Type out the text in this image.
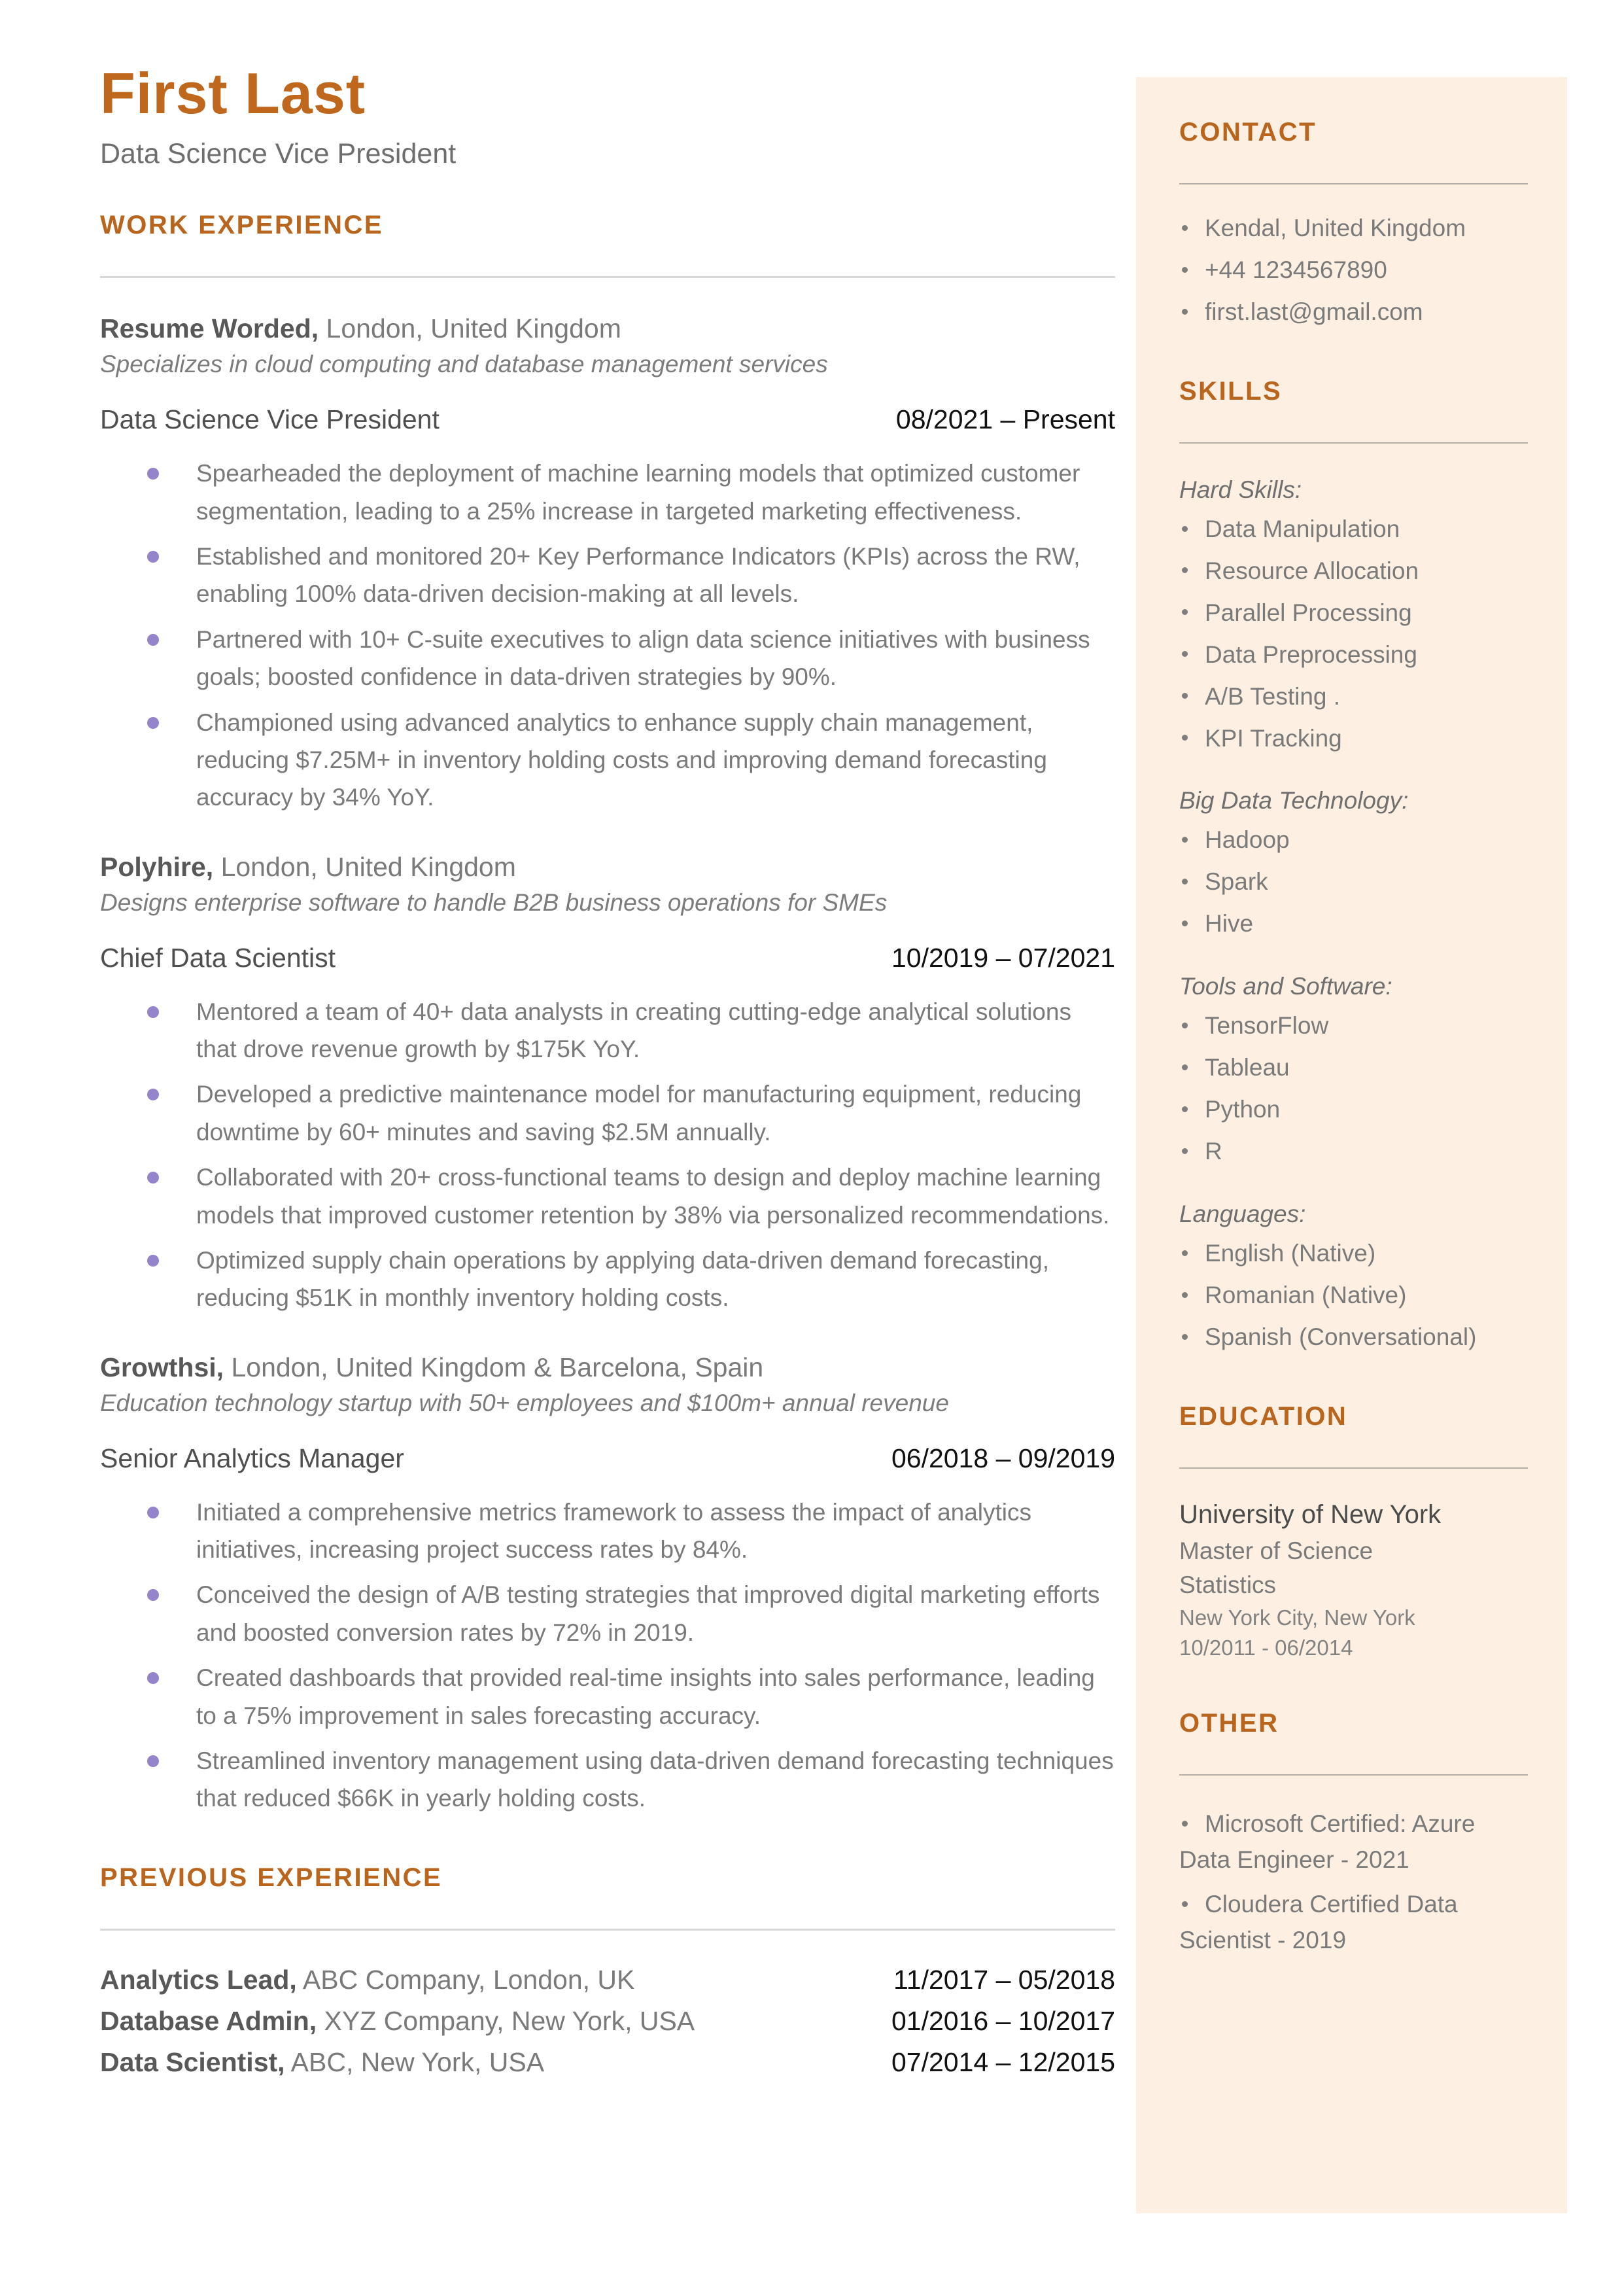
First Last
Data Science Vice President
WORK EXPERIENCE
Resume Worded, London, United Kingdom
Specializes in cloud computing and database management services
Data Science Vice President	08/2021 – Present
Spearheaded the deployment of machine learning models that optimized customer segmentation, leading to a 25% increase in targeted marketing effectiveness.
Established and monitored 20+ Key Performance Indicators (KPIs) across the RW, enabling 100% data-driven decision-making at all levels.
Partnered with 10+ C-suite executives to align data science initiatives with business goals; boosted confidence in data-driven strategies by 90%.
Championed using advanced analytics to enhance supply chain management, reducing $7.25M+ in inventory holding costs and improving demand forecasting accuracy by 34% YoY.
Polyhire, London, United Kingdom
Designs enterprise software to handle B2B business operations for SMEs
Chief Data Scientist	10/2019 – 07/2021
Mentored a team of 40+ data analysts in creating cutting-edge analytical solutions that drove revenue growth by $175K YoY.
Developed a predictive maintenance model for manufacturing equipment, reducing downtime by 60+ minutes and saving $2.5M annually.
Collaborated with 20+ cross-functional teams to design and deploy machine learning models that improved customer retention by 38% via personalized recommendations.
Optimized supply chain operations by applying data-driven demand forecasting, reducing $51K in monthly inventory holding costs.
Growthsi, London, United Kingdom & Barcelona, Spain
Education technology startup with 50+ employees and $100m+ annual revenue
Senior Analytics Manager	06/2018 – 09/2019
Initiated a comprehensive metrics framework to assess the impact of analytics initiatives, increasing project success rates by 84%.
Conceived the design of A/B testing strategies that improved digital marketing efforts and boosted conversion rates by 72% in 2019.
Created dashboards that provided real-time insights into sales performance, leading to a 75% improvement in sales forecasting accuracy.
Streamlined inventory management using data-driven demand forecasting techniques that reduced $66K in yearly holding costs.
PREVIOUS EXPERIENCE
Analytics Lead, ABC Company, London, UK	11/2017 – 05/2018
Database Admin, XYZ Company, New York, USA	01/2016 – 10/2017
Data Scientist, ABC, New York, USA	07/2014 – 12/2015
CONTACT
Kendal, United Kingdom
+44 1234567890
first.last@gmail.com
SKILLS
Hard Skills:
Data Manipulation
Resource Allocation
Parallel Processing
Data Preprocessing
A/B Testing .
KPI Tracking
Big Data Technology:
Hadoop
Spark
Hive
Tools and Software:
TensorFlow
Tableau
Python
R
Languages:
English (Native)
Romanian (Native)
Spanish (Conversational)
EDUCATION
University of New York
Master of Science
Statistics
New York City, New York
10/2011 - 06/2014
OTHER
Microsoft Certified: Azure Data Engineer - 2021
Cloudera Certified Data Scientist - 2019
